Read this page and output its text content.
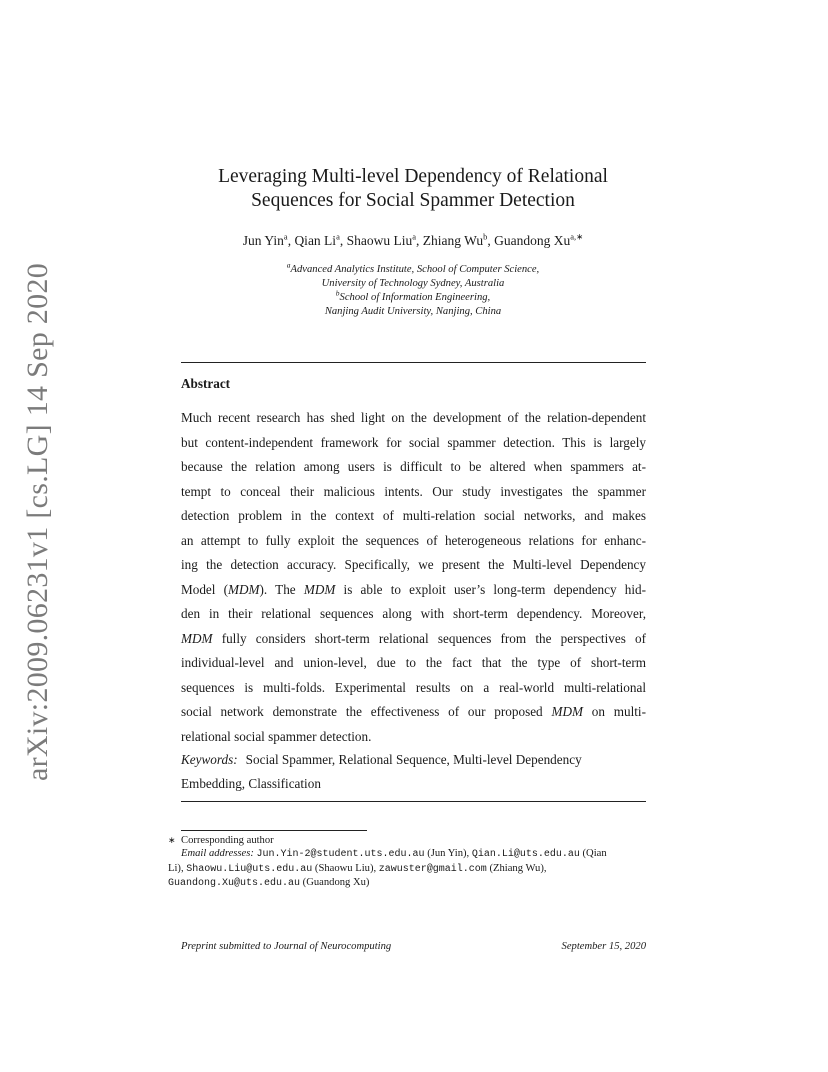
arXiv:2009.06231v1 [cs.LG] 14 Sep 2020
Leveraging Multi-level Dependency of Relational
Sequences for Social Spammer Detection
Jun Yin$^a$, Qian Li$^a$, Shaowu Liu$^a$, Zhiang Wu$^b$, Guandong $Xu^{a,∗}$
$^a$Advanced Analytics Institute, School of Computer Science,
University of Technology Sydney, Australia
$^b$School of Information Engineering,
Nanjing Audit University, Nanjing, China
Abstract
Much recent research has shed light on the development of the relation-dependent
but content-independent framework for social spammer detection. This is largely
because the relation among users is difficult to be altered when spammers at-
tempt to conceal their malicious intents. Our study investigates the spammer
detection problem in the context of multi-relation social networks, and makes
an attempt to fully exploit the sequences of heterogeneous relations for enhanc-
ing the detection accuracy. Specifically, we present the Multi-level Dependency
Model (MDM). The MDM is able to exploit user’s long-term dependency hid-
den in their relational sequences along with short-term dependency. Moreover,
MDM fully considers short-term relational sequences from the perspectives of
individual-level and union-level, due to the fact that the type of short-term
sequences is multi-folds. Experimental results on a real-world multi-relational
social network demonstrate the effectiveness of our proposed MDM on multi-
relational social spammer detection.
Keywords: Social Spammer, Relational Sequence, Multi-level Dependency
Embedding, Classification
∗ Corresponding author
Email addresses: Jun.Yin-2@student.uts.edu.au (Jun Yin), Qian.Li@uts.edu.au (Qian
Li), Shaowu.Liu@uts.edu.au (Shaowu Liu), zawuster@gmail.com (Zhiang Wu),
Guandong.Xu@uts.edu.au (Guandong Xu)
Preprint submitted to Journal of Neurocomputing	September 15, 2020
